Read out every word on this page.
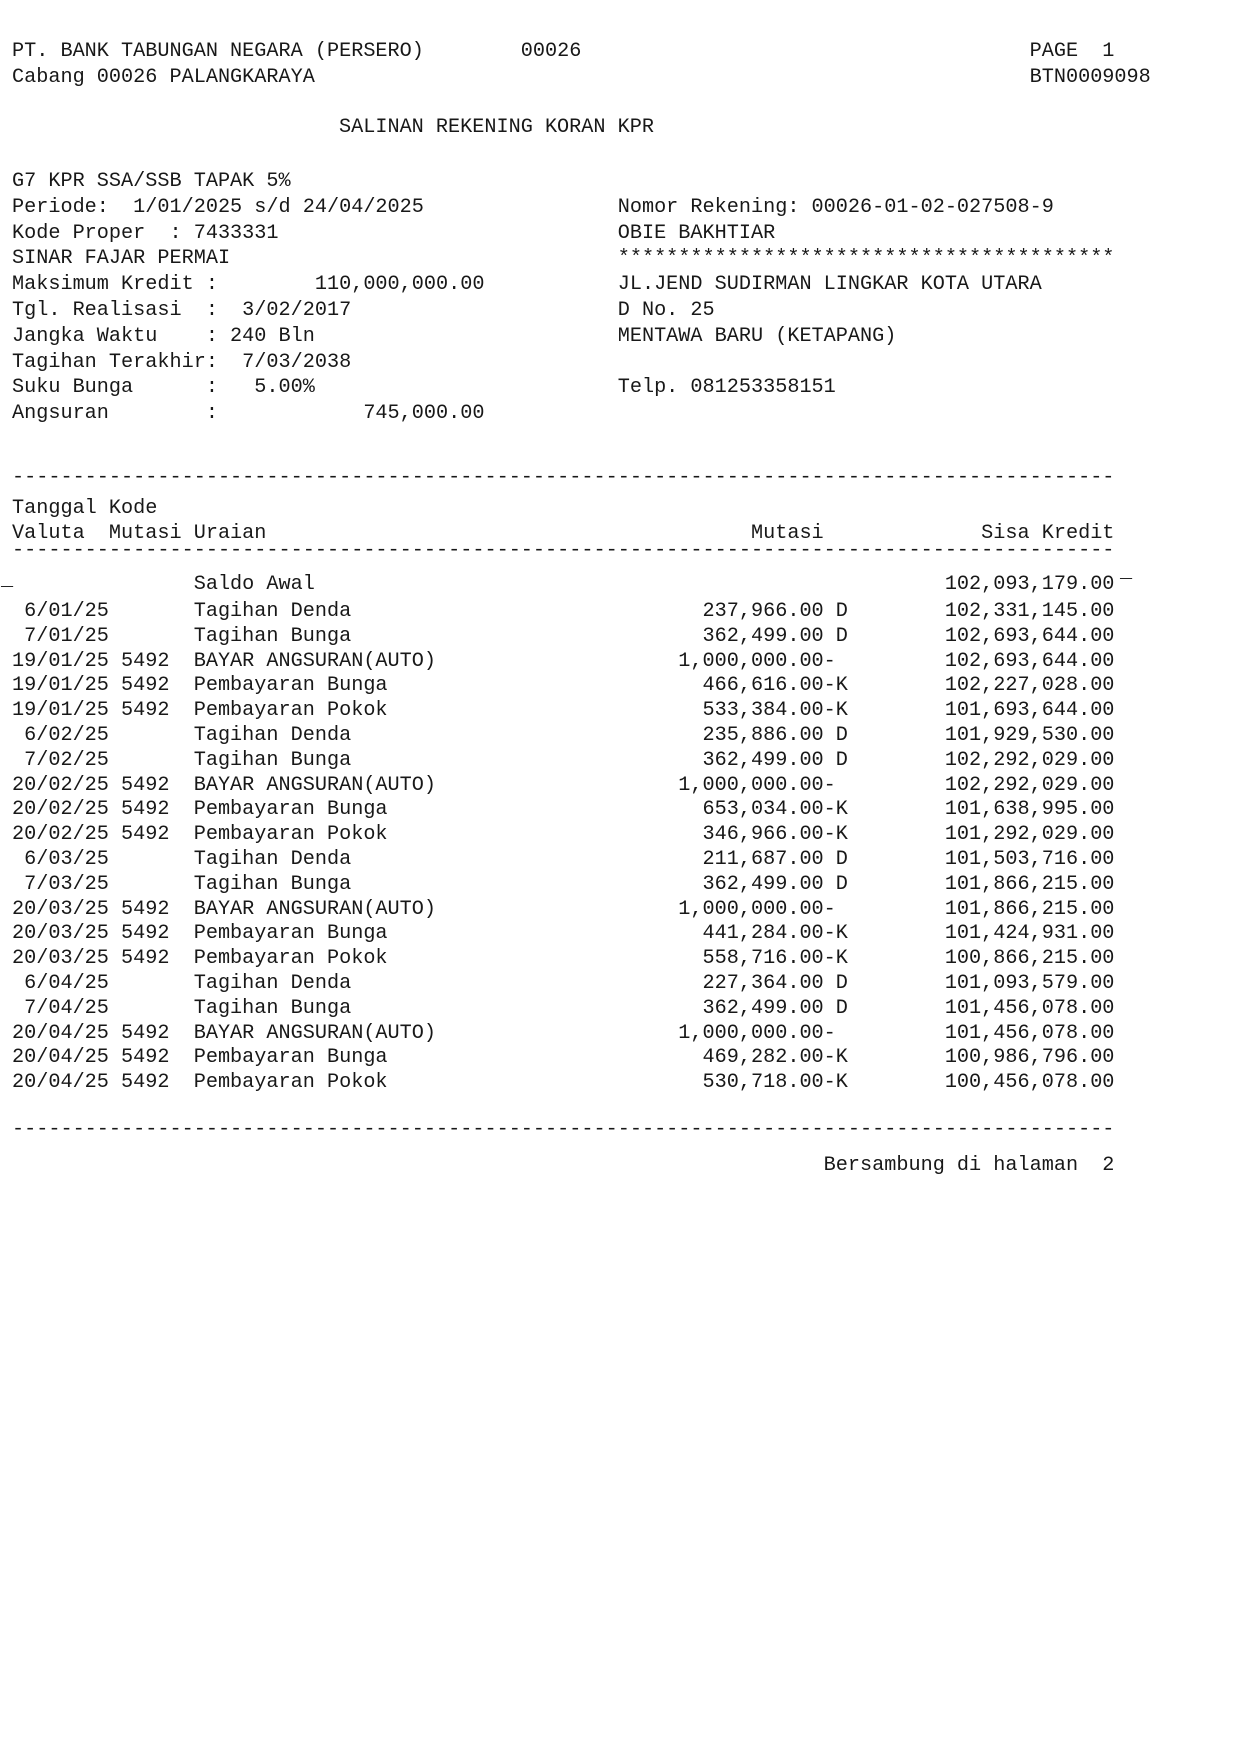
SALINAN REKENING KORAN KPR
_	_
PT. BANK TABUNGAN NEGARA (PERSERO)        00026                                     PAGE  1
Cabang 00026 PALANGKARAYA                                                           BTN0009098
G7 KPR SSA/SSB TAPAK 5%
Periode:  1/01/2025 s/d 24/04/2025                Nomor Rekening: 00026-01-02-027508-9
Kode Proper  : 7433331                            OBIE BAKHTIAR
SINAR FAJAR PERMAI                                *****************************************
Maksimum Kredit :        110,000,000.00           JL.JEND SUDIRMAN LINGKAR KOTA UTARA
Tgl. Realisasi  :  3/02/2017                      D No. 25
Jangka Waktu    : 240 Bln                         MENTAWA BARU (KETAPANG)
Tagihan Terakhir:  7/03/2038
Suku Bunga      :   5.00%                         Telp. 081253358151
Angsuran        :            745,000.00
-------------------------------------------------------------------------------------------
Tanggal Kode
Valuta  Mutasi Uraian                                        Mutasi             Sisa Kredit
-------------------------------------------------------------------------------------------
Saldo Awal                                                    102,093,179.00
6/01/25       Tagihan Denda                             237,966.00 D        102,331,145.00
7/01/25       Tagihan Bunga                             362,499.00 D        102,693,644.00
19/01/25 5492  BAYAR ANGSURAN(AUTO)                    1,000,000.00-         102,693,644.00
19/01/25 5492  Pembayaran Bunga                          466,616.00-K        102,227,028.00
19/01/25 5492  Pembayaran Pokok                          533,384.00-K        101,693,644.00
6/02/25       Tagihan Denda                             235,886.00 D        101,929,530.00
7/02/25       Tagihan Bunga                             362,499.00 D        102,292,029.00
20/02/25 5492  BAYAR ANGSURAN(AUTO)                    1,000,000.00-         102,292,029.00
20/02/25 5492  Pembayaran Bunga                          653,034.00-K        101,638,995.00
20/02/25 5492  Pembayaran Pokok                          346,966.00-K        101,292,029.00
6/03/25       Tagihan Denda                             211,687.00 D        101,503,716.00
7/03/25       Tagihan Bunga                             362,499.00 D        101,866,215.00
20/03/25 5492  BAYAR ANGSURAN(AUTO)                    1,000,000.00-         101,866,215.00
20/03/25 5492  Pembayaran Bunga                          441,284.00-K        101,424,931.00
20/03/25 5492  Pembayaran Pokok                          558,716.00-K        100,866,215.00
6/04/25       Tagihan Denda                             227,364.00 D        101,093,579.00
7/04/25       Tagihan Bunga                             362,499.00 D        101,456,078.00
20/04/25 5492  BAYAR ANGSURAN(AUTO)                    1,000,000.00-         101,456,078.00
20/04/25 5492  Pembayaran Bunga                          469,282.00-K        100,986,796.00
20/04/25 5492  Pembayaran Pokok                          530,718.00-K        100,456,078.00
-------------------------------------------------------------------------------------------
Bersambung di halaman  2
